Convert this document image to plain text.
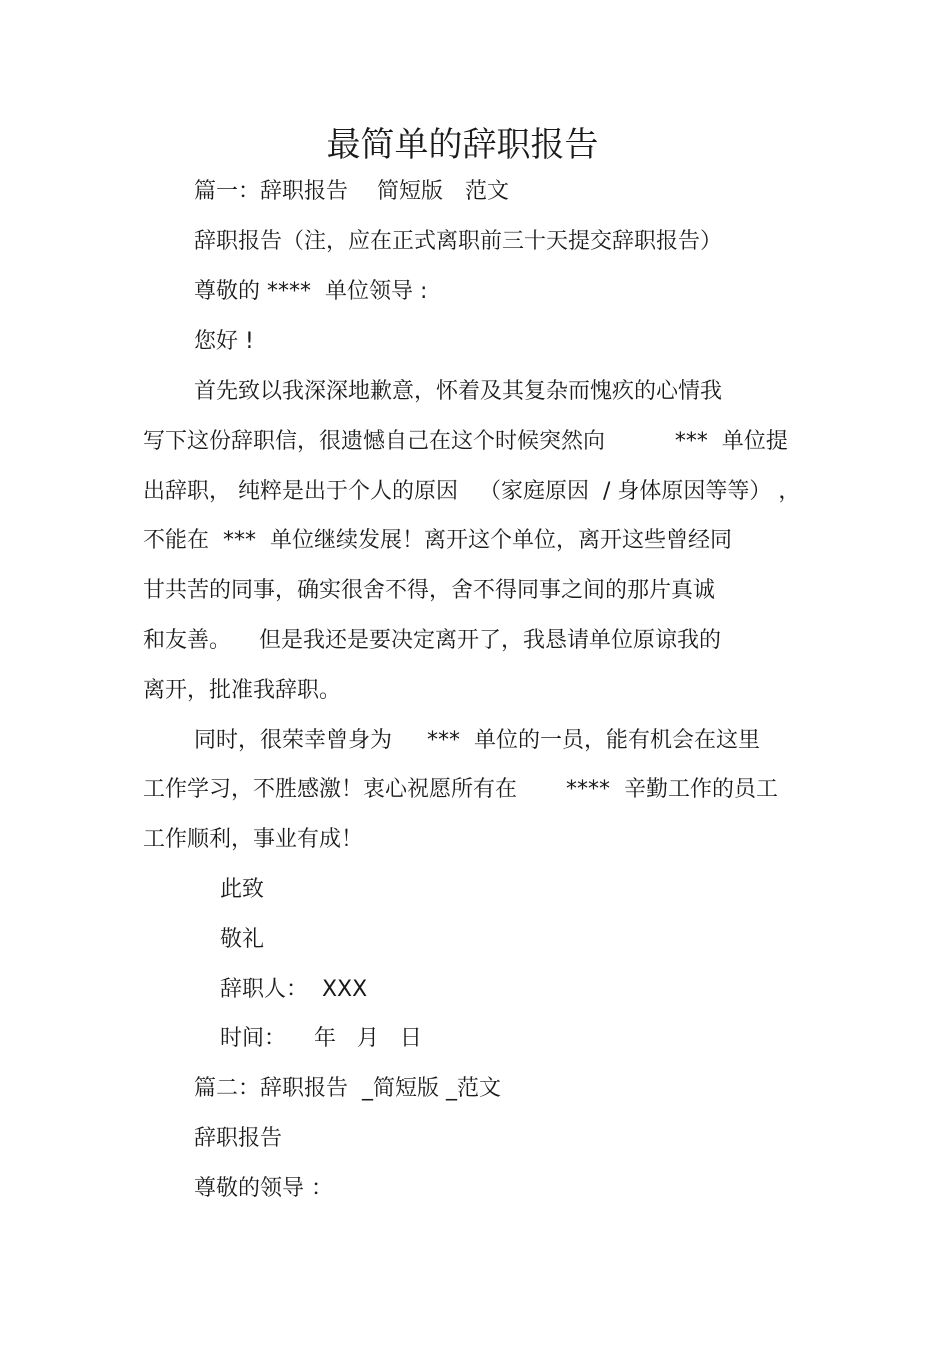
最简单的辞职报告
篇一：辞职报告　 简短版　范文
辞职报告（注，应在正式离职前三十天提交辞职报告）
尊敬的 ****  单位领导 :
您好 !
首先致以我深深地歉意，怀着及其复杂而愧疚的心情我
写下这份辞职信，很遗憾自己在这个时候突然向          ***  单位提
出辞职， 纯粹是出于个人的原因   （家庭原因  / 身体原因等等） ，
不能在  ***  单位继续发展！离开这个单位，离开这些曾经同
甘共苦的同事，确实很舍不得，舍不得同事之间的那片真诚
和友善。    但是我还是要决定离开了，我恳请单位原谅我的
离开，批准我辞职。
同时，很荣幸曾身为     ***  单位的一员，能有机会在这里
工作学习，不胜感激！衷心祝愿所有在       ****  辛勤工作的员工
工作顺利，事业有成！
此致
敬礼
辞职人：  XXX
时间：    年   月   日
篇二：辞职报告  _简短版 _范文
辞职报告
尊敬的领导 ：
